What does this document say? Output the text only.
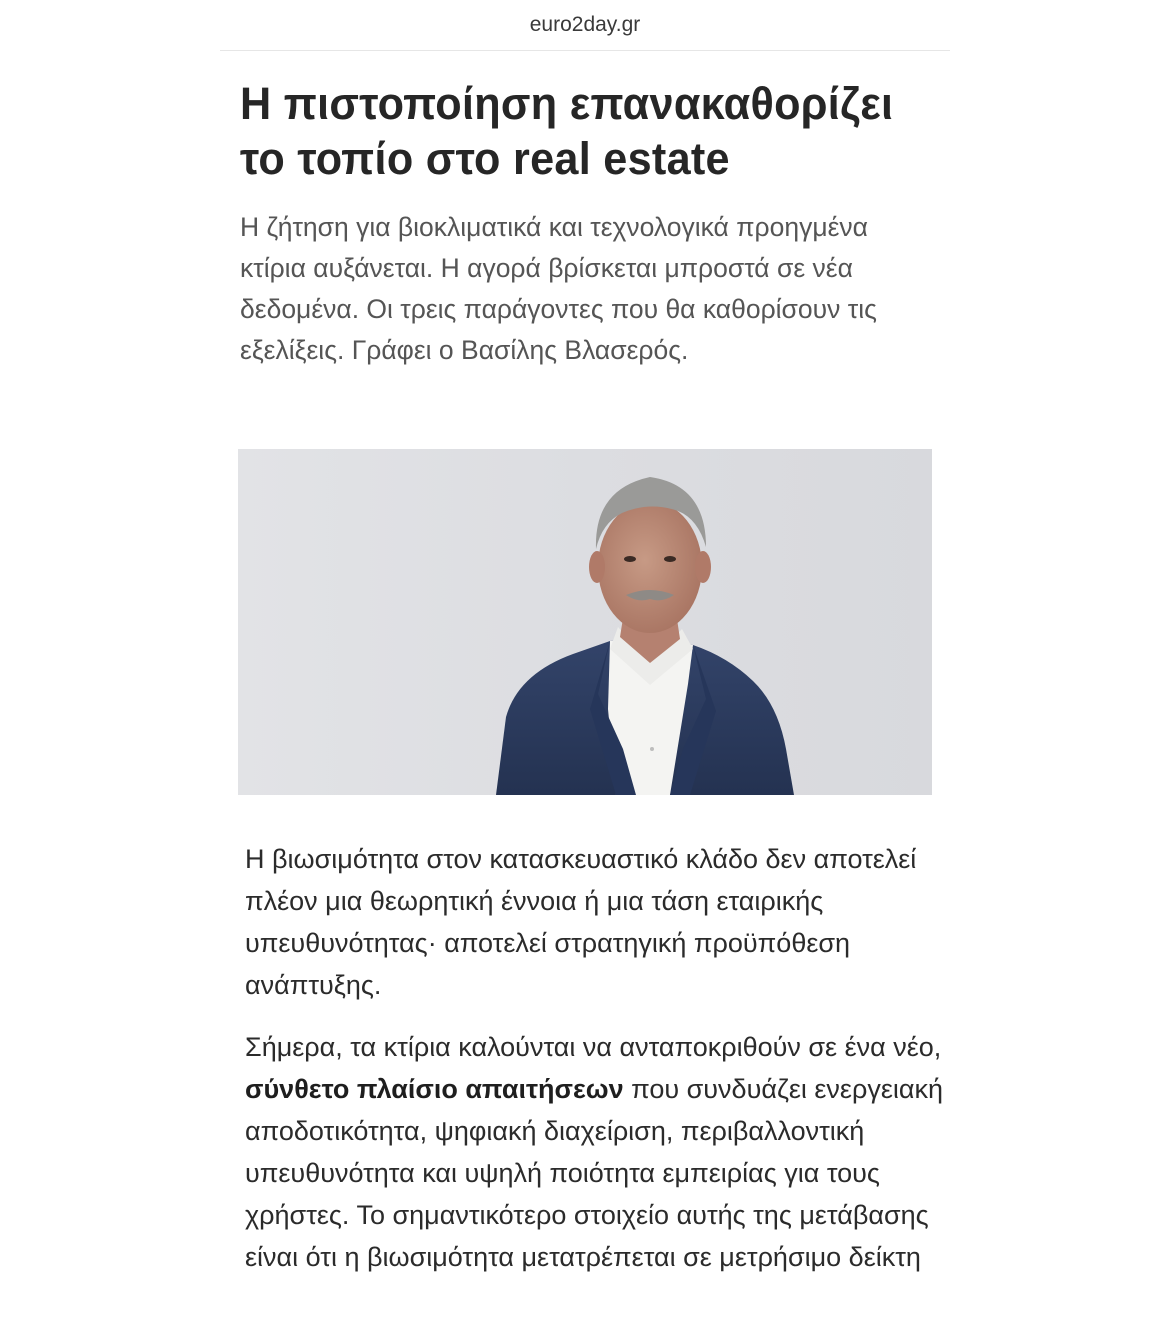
euro2day.gr
Η πιστοποίηση επανακαθορίζει το τοπίο στο real estate

Η ζήτηση για βιοκλιματικά και τεχνολογικά προηγμένα κτίρια αυξάνεται. Η αγορά βρίσκεται μπροστά σε νέα δεδομένα. Οι τρεις παράγοντες που θα καθορίσουν τις εξελίξεις. Γράφει ο Βασίλης Βλασερός.

Η βιωσιμότητα στον κατασκευαστικό κλάδο δεν αποτελεί πλέον μια θεωρητική έννοια ή μια τάση εταιρικής υπευθυνότητας· αποτελεί στρατηγική προϋπόθεση ανάπτυξης.

Σήμερα, τα κτίρια καλούνται να ανταποκριθούν σε ένα νέο, σύνθετο πλαίσιο απαιτήσεων που συνδυάζει ενεργειακή αποδοτικότητα, ψηφιακή διαχείριση, περιβαλλοντική υπευθυνότητα και υψηλή ποιότητα εμπειρίας για τους χρήστες. Το σημαντικότερο στοιχείο αυτής της μετάβασης είναι ότι η βιωσιμότητα μετατρέπεται σε μετρήσιμο δείκτη
